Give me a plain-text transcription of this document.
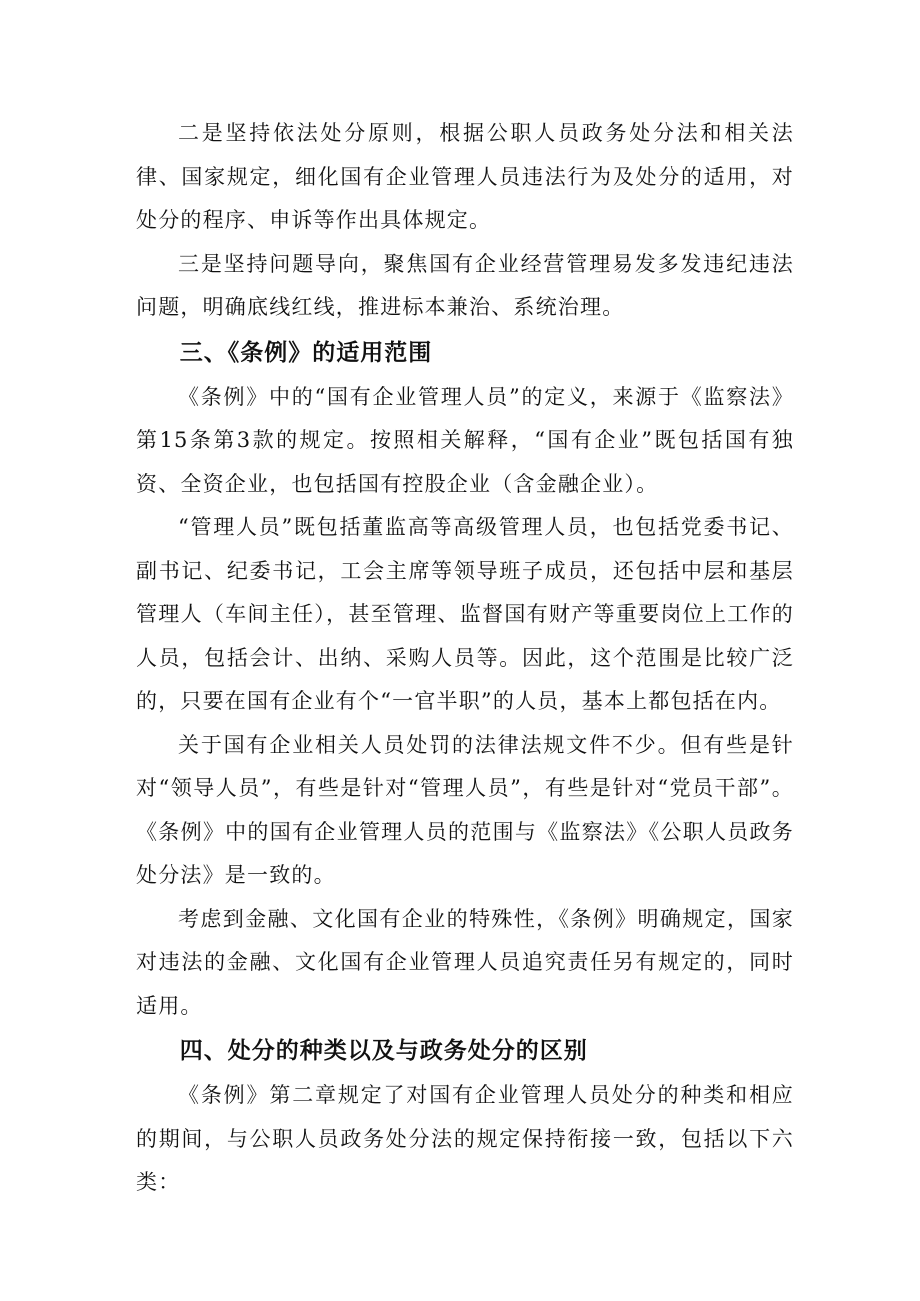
二是坚持依法处分原则，根据公职人员政务处分法和相关法律、国家规定，细化国有企业管理人员违法行为及处分的适用，对处分的程序、申诉等作出具体规定。

三是坚持问题导向，聚焦国有企业经营管理易发多发违纪违法问题，明确底线红线，推进标本兼治、系统治理。

三、《条例》的适用范围

《条例》中的“国有企业管理人员”的定义，来源于《监察法》第15条第3款的规定。按照相关解释，“国有企业”既包括国有独资、全资企业，也包括国有控股企业（含金融企业）。

“管理人员”既包括董监高等高级管理人员，也包括党委书记、副书记、纪委书记，工会主席等领导班子成员，还包括中层和基层管理人（车间主任），甚至管理、监督国有财产等重要岗位上工作的人员，包括会计、出纳、采购人员等。因此，这个范围是比较广泛的，只要在国有企业有个“一官半职”的人员，基本上都包括在内。

关于国有企业相关人员处罚的法律法规文件不少。但有些是针对“领导人员”，有些是针对“管理人员”，有些是针对“党员干部”。《条例》中的国有企业管理人员的范围与《监察法》《公职人员政务处分法》是一致的。

考虑到金融、文化国有企业的特殊性，《条例》明确规定，国家对违法的金融、文化国有企业管理人员追究责任另有规定的，同时适用。

四、处分的种类以及与政务处分的区别

《条例》第二章规定了对国有企业管理人员处分的种类和相应的期间，与公职人员政务处分法的规定保持衔接一致，包括以下六类：
